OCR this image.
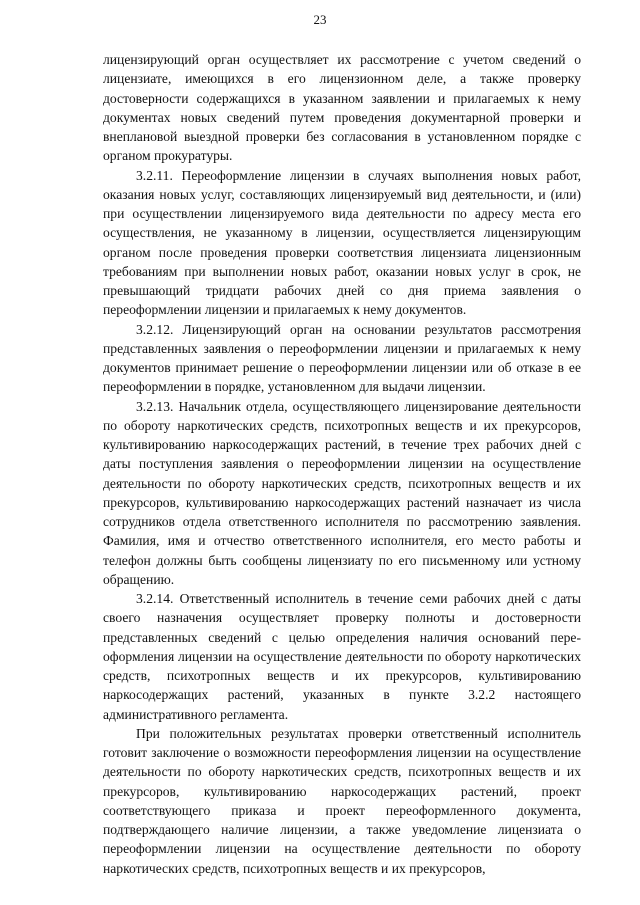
23

лицензирующий орган осуществляет их рассмотрение с учетом сведений о лицензиате, имеющихся в его лицензионном деле, а также проверку достоверности содержащихся в указанном заявлении и прилагаемых к нему документах новых сведений путем проведения документарной проверки и внеплановой выездной проверки без согласования в установленном порядке с органом прокуратуры.

3.2.11. Переоформление лицензии в случаях выполнения новых работ, оказания новых услуг, составляющих лицензируемый вид деятельности, и (или) при осуществлении лицензируемого вида деятельности по адресу места его осуществления, не указанному в лицензии, осуществляется лицензирующим органом после проведения проверки соответствия лицензиата лицензионным требованиям при выполнении новых работ, оказании новых услуг в срок, не превышающий тридцати рабочих дней со дня приема заявления о переоформлении лицензии и прилагаемых к нему документов.

3.2.12. Лицензирующий орган на основании результатов рассмотрения представленных заявления о переоформлении лицензии и прилагаемых к нему документов принимает решение о переоформлении лицензии или об отказе в ее переоформлении в порядке, установленном для выдачи лицензии.

3.2.13. Начальник отдела, осуществляющего лицензирование деятельности по обороту наркотических средств, психотропных веществ и их прекурсоров, культивированию наркосодержащих растений, в течение трех рабочих дней с даты поступления заявления о переоформлении лицензии на осуществление деятельности по обороту наркотических средств, психотропных веществ и их прекурсоров, культивированию наркосодержащих растений назначает из числа сотрудников отдела ответственного исполнителя по рассмотрению заявления. Фамилия, имя и отчество ответственного исполнителя, его место работы и телефон должны быть сообщены лицензиату по его письменному или устному обращению.

3.2.14. Ответственный исполнитель в течение семи рабочих дней с даты своего назначения осуществляет проверку полноты и достоверности представленных сведений с целью определения наличия оснований переоформления лицензии на осуществление деятельности по обороту наркотических средств, психотропных веществ и их прекурсоров, культивированию наркосодержащих растений, указанных в пункте 3.2.2 настоящего административного регламента.

При положительных результатах проверки ответственный исполнитель готовит заключение о возможности переоформления лицензии на осуществление деятельности по обороту наркотических средств, психотропных веществ и их прекурсоров, культивированию наркосодержащих растений, проект соответствующего приказа и проект переоформленного документа, подтверждающего наличие лицензии, а также уведомление лицензиата о переоформлении лицензии на осуществление деятельности по обороту наркотических средств, психотропных веществ и их прекурсоров,
